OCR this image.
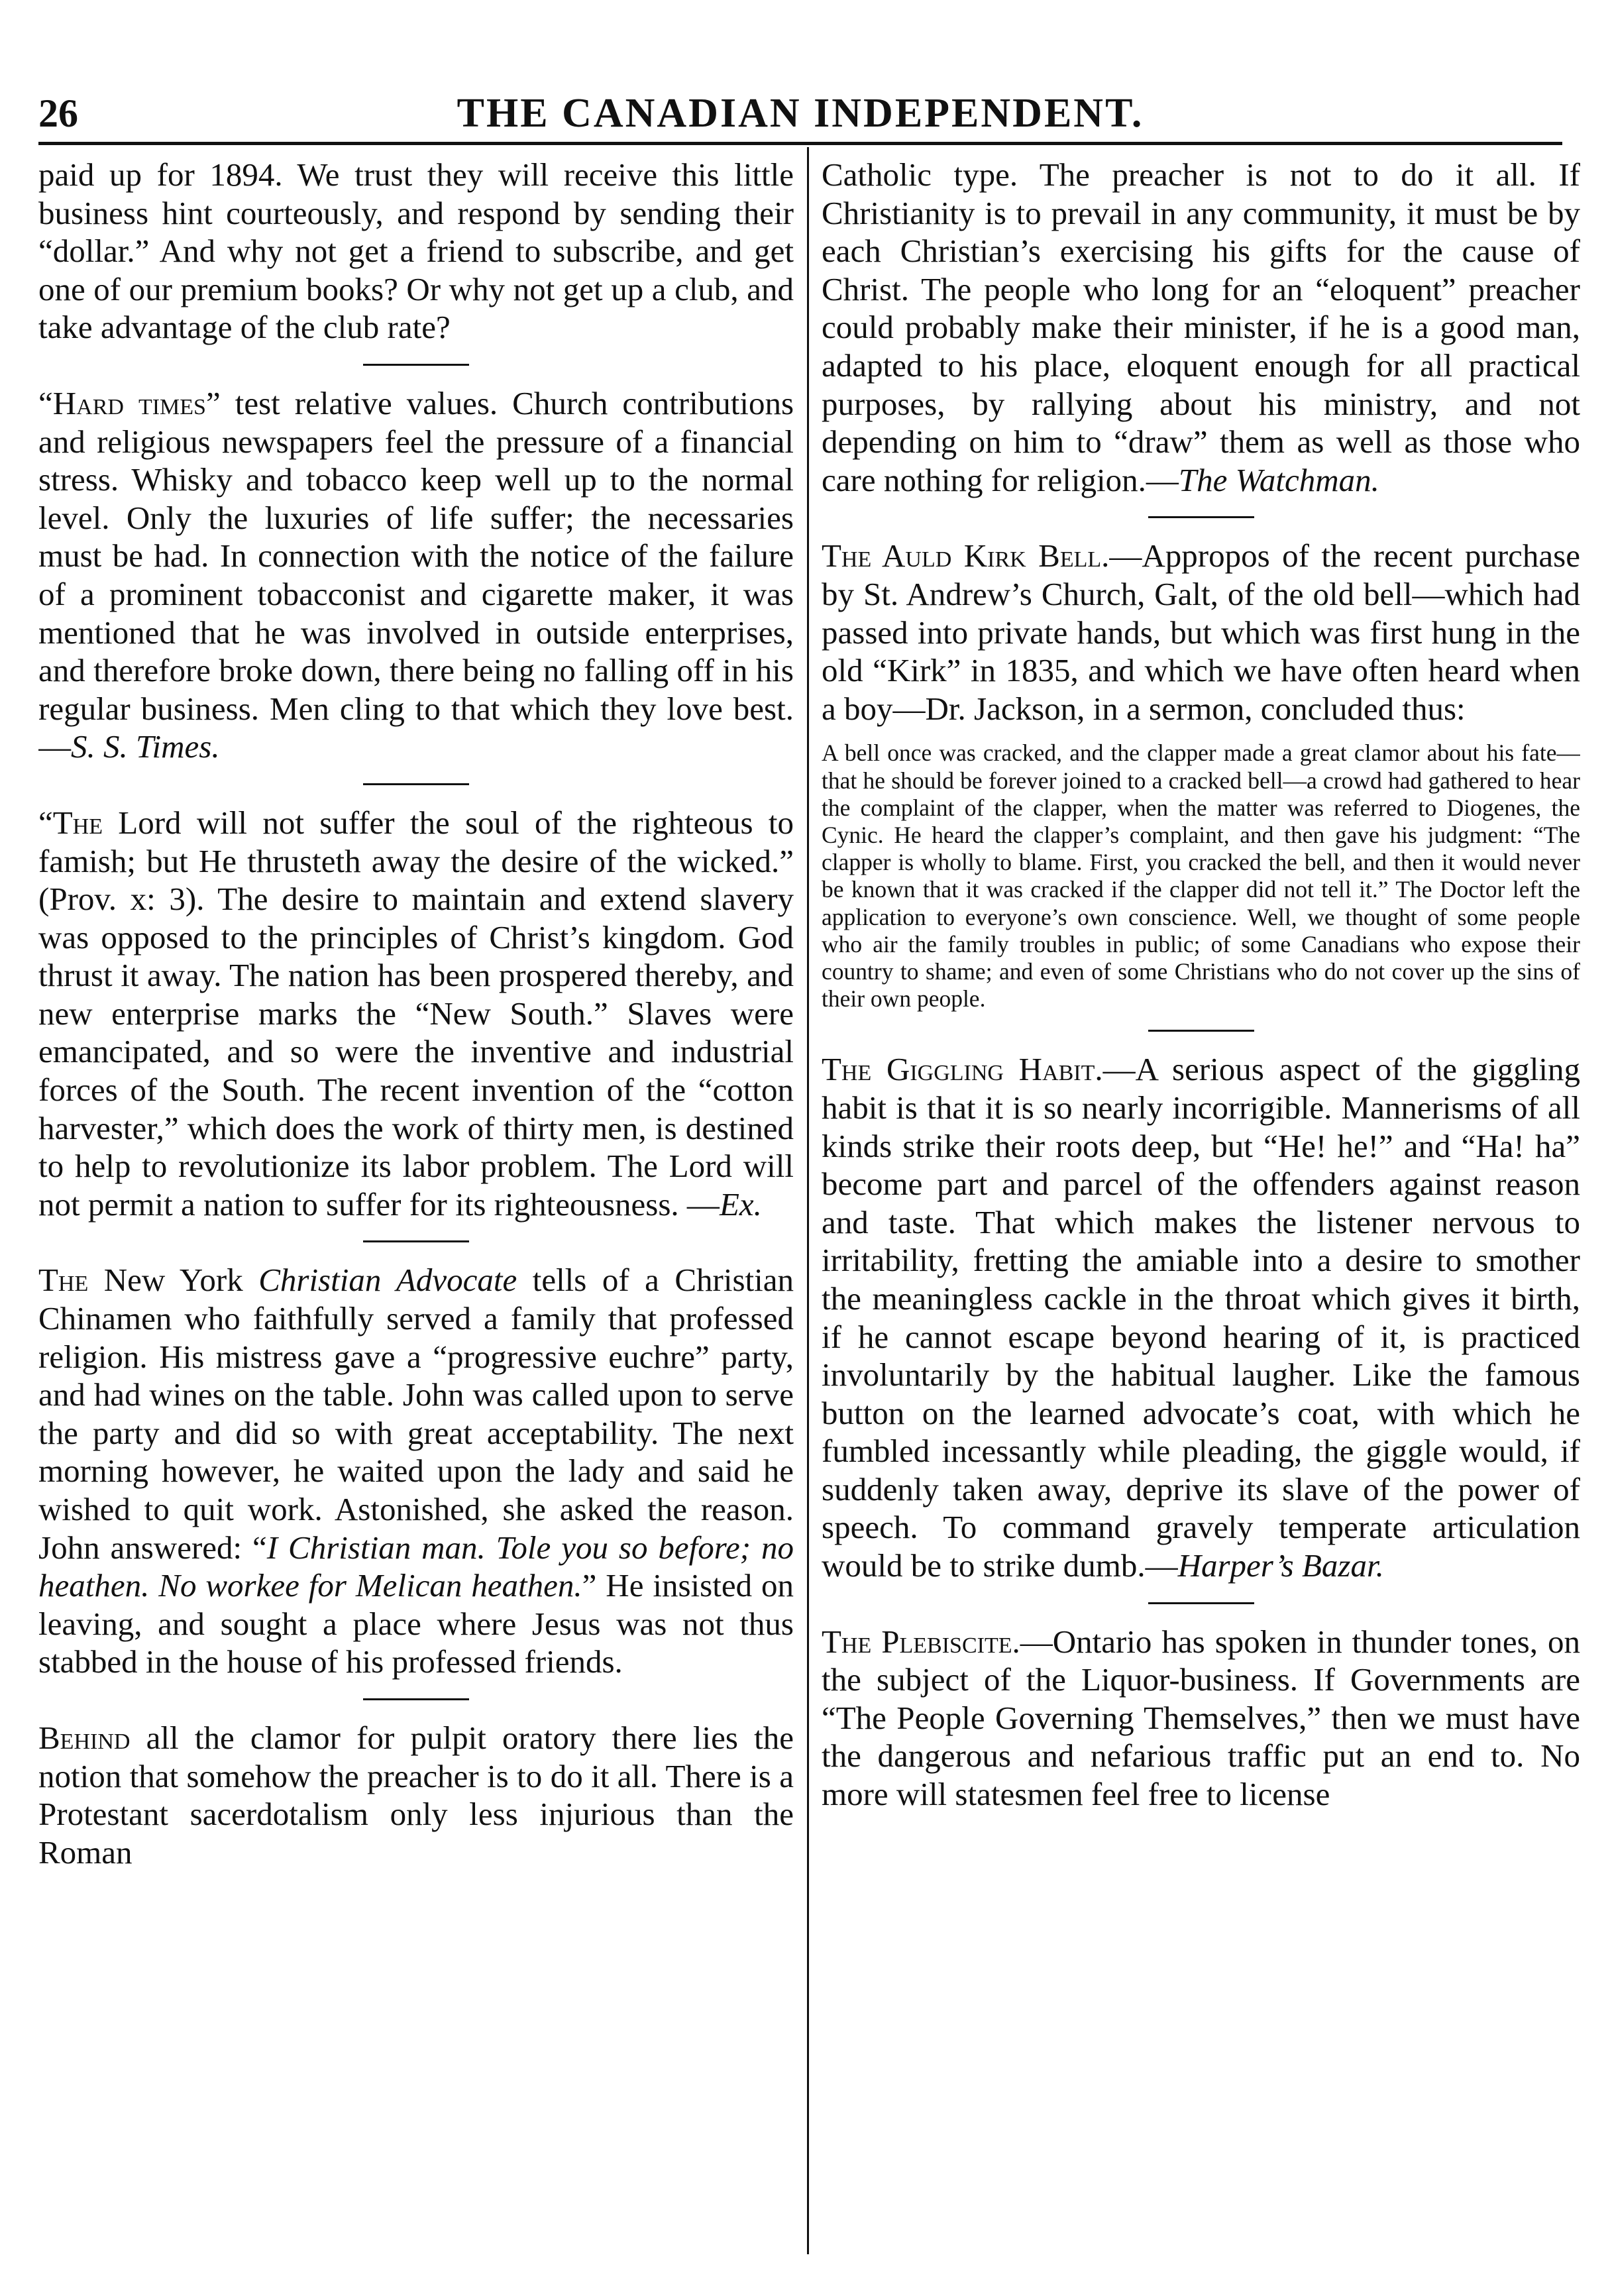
26	THE CANADIAN INDEPENDENT.

paid up for 1894. We trust they will receive this little business hint courteously, and respond by sending their “dollar.” And why not get a friend to subscribe, and get one of our premium books? Or why not get up a club, and take advantage of the club rate?

“Hard times” test relative values. Church contributions and religious newspapers feel the pressure of a financial stress. Whisky and tobacco keep well up to the normal level. Only the luxuries of life suffer; the necessaries must be had. In connection with the notice of the failure of a prominent tobacconist and cigarette maker, it was mentioned that he was involved in outside enterprises, and therefore broke down, there being no falling off in his regular business. Men cling to that which they love best.—S. S. Times.

“The Lord will not suffer the soul of the righteous to famish; but He thrusteth away the desire of the wicked.” (Prov. x: 3). The desire to maintain and extend slavery was opposed to the principles of Christ’s kingdom. God thrust it away. The nation has been prospered thereby, and new enterprise marks the “New South.” Slaves were emancipated, and so were the inventive and industrial forces of the South. The recent invention of the “cotton harvester,” which does the work of thirty men, is destined to help to revolutionize its labor problem. The Lord will not permit a nation to suffer for its righteousness. —Ex.

The New York Christian Advocate tells of a Christian Chinamen who faithfully served a family that professed religion. His mistress gave a “progressive euchre” party, and had wines on the table. John was called upon to serve the party and did so with great acceptability. The next morning however, he waited upon the lady and said he wished to quit work. Astonished, she asked the reason. John answered: “I Christian man. Tole you so before; no heathen. No workee for Melican heathen.” He insisted on leaving, and sought a place where Jesus was not thus stabbed in the house of his professed friends.

Behind all the clamor for pulpit oratory there lies the notion that somehow the preacher is to do it all. There is a Protestant sacerdotalism only less injurious than the Roman

Catholic type. The preacher is not to do it all. If Christianity is to prevail in any community, it must be by each Christian’s exercising his gifts for the cause of Christ. The people who long for an “eloquent” preacher could probably make their minister, if he is a good man, adapted to his place, eloquent enough for all practical purposes, by rallying about his ministry, and not depending on him to “draw” them as well as those who care nothing for religion.—The Watchman.

The Auld Kirk Bell.—Appropos of the recent purchase by St. Andrew’s Church, Galt, of the old bell—which had passed into private hands, but which was first hung in the old “Kirk” in 1835, and which we have often heard when a boy—Dr. Jackson, in a sermon, concluded thus:

A bell once was cracked, and the clapper made a great clamor about his fate—that he should be forever joined to a cracked bell—a crowd had gathered to hear the complaint of the clapper, when the matter was referred to Diogenes, the Cynic. He heard the clapper’s complaint, and then gave his judgment: “The clapper is wholly to blame. First, you cracked the bell, and then it would never be known that it was cracked if the clapper did not tell it.” The Doctor left the application to everyone’s own conscience. Well, we thought of some people who air the family troubles in public; of some Canadians who expose their country to shame; and even of some Christians who do not cover up the sins of their own people.

The Giggling Habit.—A serious aspect of the giggling habit is that it is so nearly incorrigible. Mannerisms of all kinds strike their roots deep, but “He! he!” and “Ha! ha” become part and parcel of the offenders against reason and taste. That which makes the listener nervous to irritability, fretting the amiable into a desire to smother the meaningless cackle in the throat which gives it birth, if he cannot escape beyond hearing of it, is practiced involuntarily by the habitual laugher. Like the famous button on the learned advocate’s coat, with which he fumbled incessantly while pleading, the giggle would, if suddenly taken away, deprive its slave of the power of speech. To command gravely temperate articulation would be to strike dumb.—Harper’s Bazar.

The Plebiscite.—Ontario has spoken in thunder tones, on the subject of the Liquor-business. If Governments are “The People Governing Themselves,” then we must have the dangerous and nefarious traffic put an end to. No more will statesmen feel free to license
